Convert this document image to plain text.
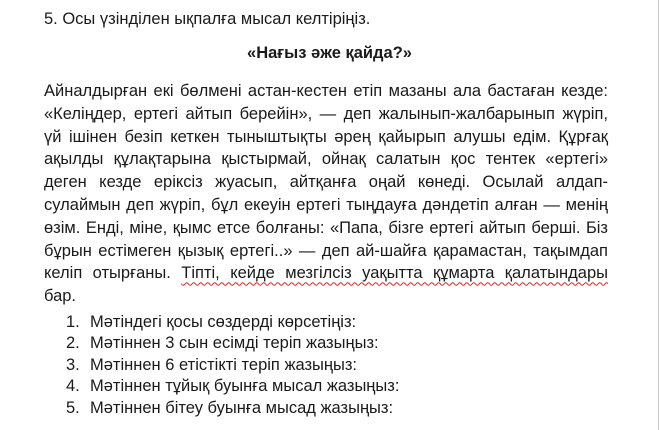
5. Осы үзінділен ықпалға мысал келтіріңіз.
«Нағыз әже қайда?»
Айналдырған екі бөлмені астан-кестен етіп мазаны ала бастаған кезде:
«Келіңдер, ертегі айтып берейін», — деп жалынып-жалбарынып жүріп,
үй ішінен безіп кеткен тыныштықты әрең қайырып алушы едім. Құрғақ
ақылды құлақтарына қыстырмай, ойнақ салатын қос тентек «ертегі»
деген кезде ерiксiз жуасып, айтқанға оңай көнеді. Осылай алдап-
сулаймын деп жүріп, бұл екеуін ертегі тыңдауға дәндетіп алған — менің
өзім. Енді, міне, қымс етсе болғаны: «Папа, бізге ертегі айтып берші. Біз
бұрын естімеген қызық ертегі..» — деп ай-шайға қарамастан, тақымдап
келіп отырғаны. Тіпті, кейде мезгілсіз уақытта құмарта қалатындары
бар.
1. Мәтіндегі қосы сөздерді көрсетіңіз:
2. Мәтіннен 3 сын есімді теріп жазыңыз:
3. Мәтіннен 6 етістікті теріп жазыңыз:
4. Мәтіннен тұйық буынға мысал жазыңыз:
5. Мәтіннен бітеу буынға мысад жазыңыз:
